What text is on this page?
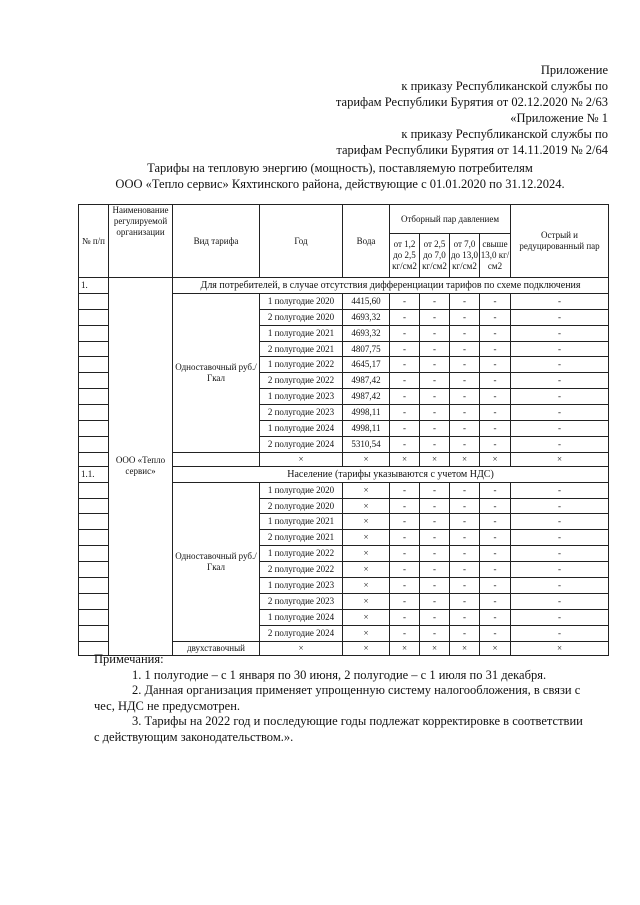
Приложение
к приказу Республиканской службы по
тарифам Республики Бурятия от 02.12.2020 № 2/63
«Приложение № 1
к приказу Республиканской службы по
тарифам Республики Бурятия от 14.11.2019 № 2/64
Тарифы на тепловую энергию (мощность), поставляемую потребителям
ООО «Тепло сервис» Кяхтинского района, действующие с 01.01.2020 по 31.12.2024.
№ п/п	Наименование регулируемой организации	Вид тарифа	Год	Вода	Отборный пар давлением				Острый и редуцированный пар
					от 1,2 до 2,5 кг/см2	от 2,5 до 7,0 кг/см2	от 7,0 до 13,0 кг/см2	свыше 13,0 кг/см2	
1.	ООО «Тепло сервис»	Для потребителей, в случае отсутствия дифференциации тарифов по схеме подключения							
		Одноставочный руб./Гкал	1 полугодие 2020	4415,60	-	-	-	-	-
			2 полугодие 2020	4693,32	-	-	-	-	-
			1 полугодие 2021	4693,32	-	-	-	-	-
			2 полугодие 2021	4807,75	-	-	-	-	-
			1 полугодие 2022	4645,17	-	-	-	-	-
			2 полугодие 2022	4987,42	-	-	-	-	-
			1 полугодие 2023	4987,42	-	-	-	-	-
			2 полугодие 2023	4998,11	-	-	-	-	-
			1 полугодие 2024	4998,11	-	-	-	-	-
			2 полугодие 2024	5310,54	-	-	-	-	-
			×	×	×	×	×	×	×
1.1.		Население (тарифы указываются с учетом НДС)							
		Одноставочный руб./Гкал	1 полугодие 2020	×	-	-	-	-	-
			2 полугодие 2020	×	-	-	-	-	-
			1 полугодие 2021	×	-	-	-	-	-
			2 полугодие 2021	×	-	-	-	-	-
			1 полугодие 2022	×	-	-	-	-	-
			2 полугодие 2022	×	-	-	-	-	-
			1 полугодие 2023	×	-	-	-	-	-
			2 полугодие 2023	×	-	-	-	-	-
			1 полугодие 2024	×	-	-	-	-	-
			2 полугодие 2024	×	-	-	-	-	-
		двухставочный	×	×	×	×	×	×	×

Примечания:

1. 1 полугодие – с 1 января по 30 июня, 2 полугодие – с 1 июля по 31 декабря.

2. Данная организация применяет упрощенную систему налогообложения, в связи с

чес, НДС не предусмотрен.

3. Тарифы на 2022 год и последующие годы подлежат корректировке в соответствии

с действующим законодательством.».
